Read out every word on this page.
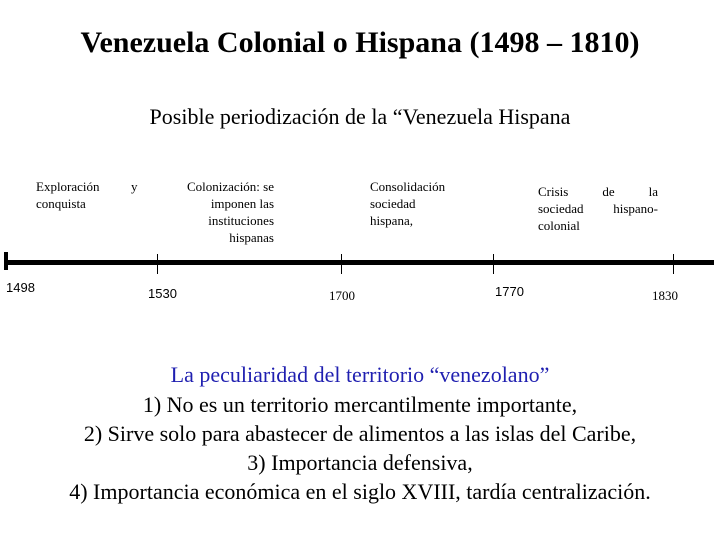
Venezuela Colonial o Hispana (1498 – 1810)
Posible periodización de la “Venezuela Hispana
Exploración
conquista
y	Colonización: se
imponen las
instituciones
hispanas
Consolidación
sociedad
hispana,
Crisis	de	la
sociedad hispano-
colonial
1498	1530	1700	1770	1830
La peculiaridad del territorio “venezolano”
1) No es un territorio mercantilmente importante,
2) Sirve solo para abastecer de alimentos a las islas del Caribe,
3) Importancia defensiva,
4) Importancia económica en el siglo XVIII, tardía centralización.
